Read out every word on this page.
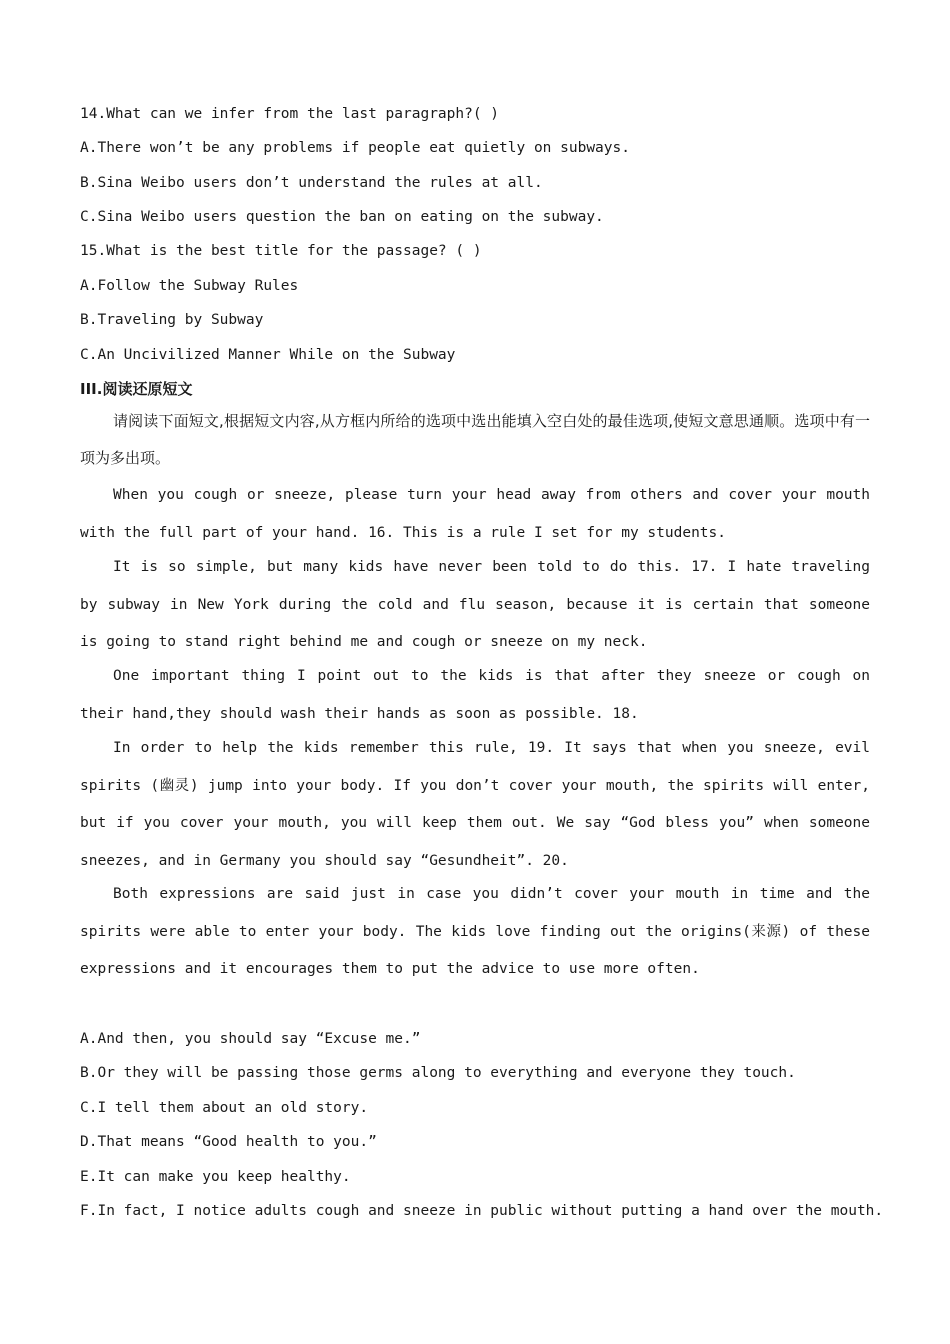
14.What can we infer from the last paragraph?( )
A.There won’t be any problems if people eat quietly on subways.
B.Sina Weibo users don’t understand the rules at all.
C.Sina Weibo users question the ban on eating on the subway.
15.What is the best title for the passage? ( )
A.Follow the Subway Rules
B.Traveling by Subway
C.An Uncivilized Manner While on the Subway
III.阅读还原短文

请阅读下面短文,根据短文内容,从方框内所给的选项中选出能填入空白处的最佳选项,使短文意思通顺。选项中有一项为多出项。

When you cough or sneeze, please turn your head away from others and cover your mouth with the full part of your hand. 16. This is a rule I set for my students.

It is so simple, but many kids have never been told to do this. 17. I hate traveling by subway in New York during the cold and flu season, because it is certain that someone is going to stand right behind me and cough or sneeze on my neck.

One important thing I point out to the kids is that after they sneeze or cough on their hand,they should wash their hands as soon as possible. 18.

In order to help the kids remember this rule, 19. It says that when you sneeze, evil spirits (幽灵) jump into your body. If you don’t cover your mouth, the spirits will enter, but if you cover your mouth, you will keep them out. We say “God bless you” when someone sneezes, and in Germany you should say “Gesundheit”. 20.

Both expressions are said just in case you didn’t cover your mouth in time and the spirits were able to enter your body. The kids love finding out the origins(来源) of these expressions and it encourages them to put the advice to use more often.

A.And then, you should say “Excuse me.”
B.Or they will be passing those germs along to everything and everyone they touch.
C.I tell them about an old story.
D.That means “Good health to you.”
E.It can make you keep healthy.
F.In fact, I notice adults cough and sneeze in public without putting a hand over the mouth.
